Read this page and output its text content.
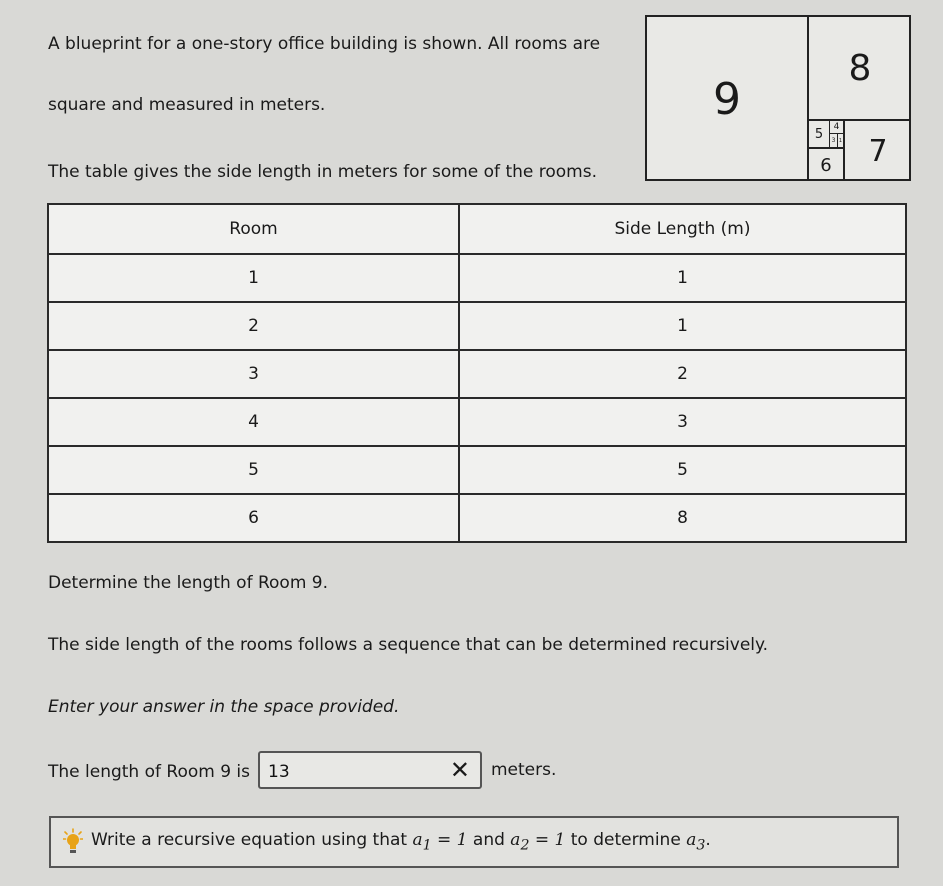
A blueprint for a one-story office building is shown. All rooms are
square and measured in meters.
The table gives the side length in meters for some of the rooms.
9
8
7
6
5	4
3 1
Room	Side Length (m)
1	1
2	1
3	2
4	3
5	5
6	8
Determine the length of Room 9.
The side length of the rooms follows a sequence that can be determined recursively.
Enter your answer in the space provided.
The length of Room 9 is
13	✕ meters.
Write a recursive equation using that $a_1 = 1$ and $a_2 = 1$ to determine $a_3$.
